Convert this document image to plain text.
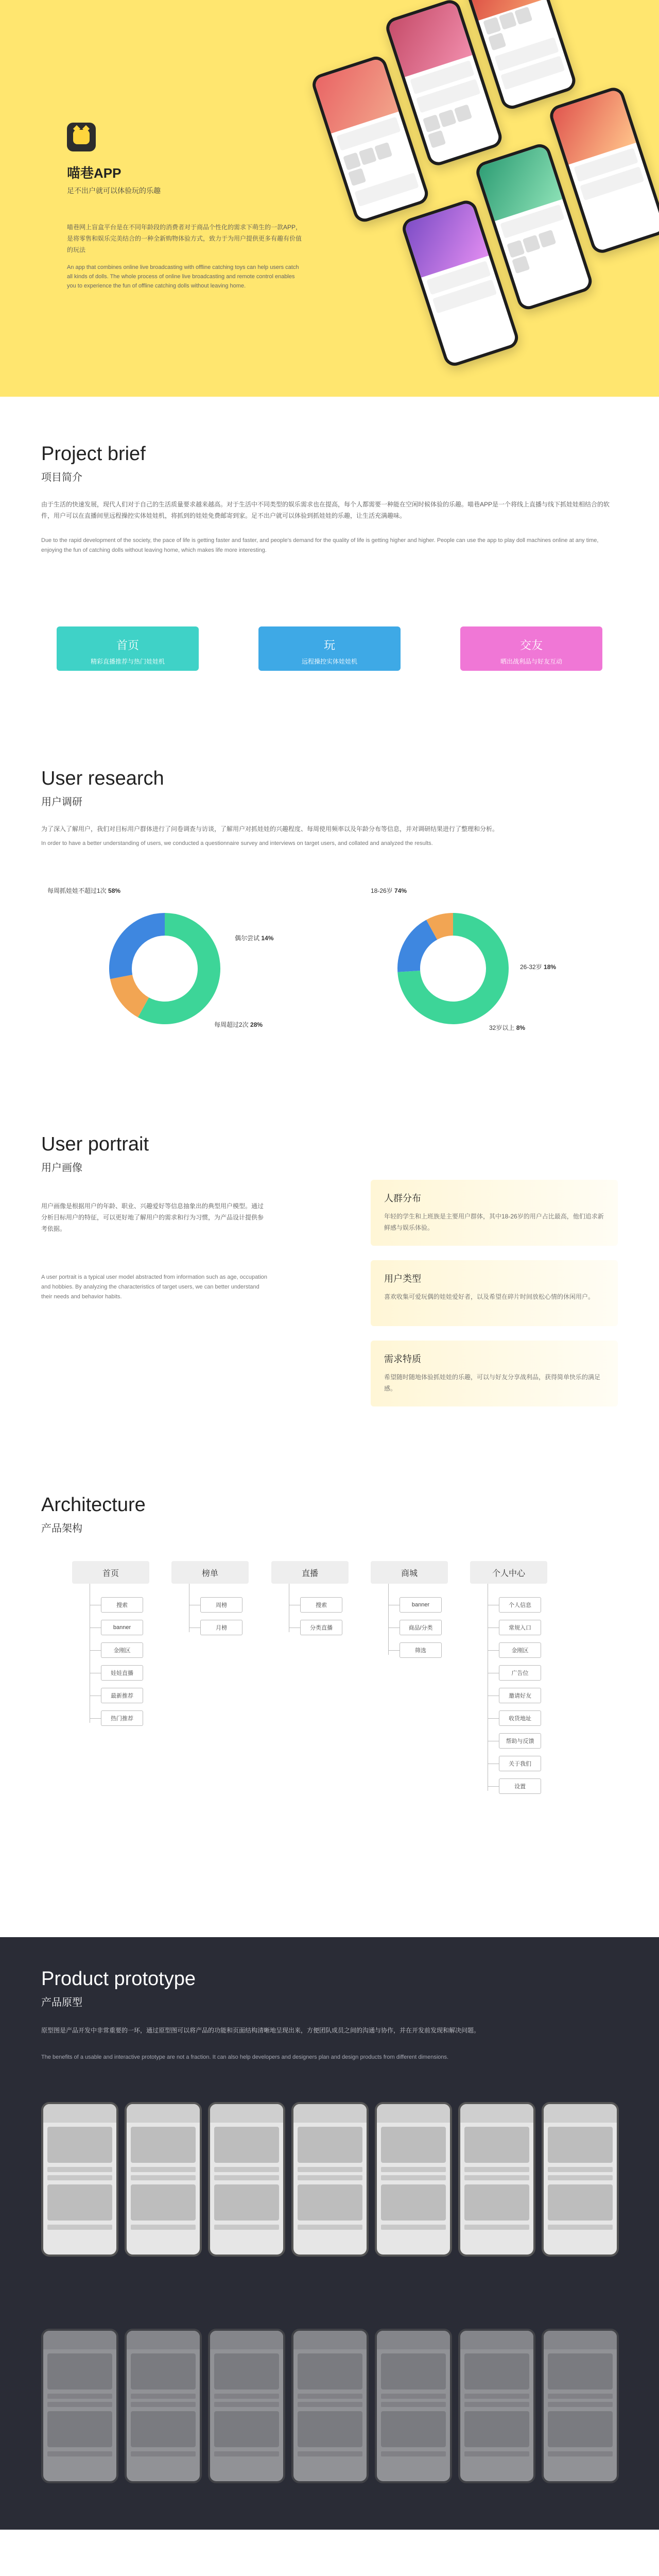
喵巷APP
足不出户就可以体验玩的乐趣
喵巷网上盲盒平台是在不同年龄段的消费者对于商品个性化的需求下萌生的一款APP，是将零售和娱乐完美结合的一种全新购物体验方式，致力于为用户提供更多有趣有价值的玩法
An app that combines online live broadcasting with offline catching toys can help users catch all kinds of dolls. The whole process of online live broadcasting and remote control enables you to experience the fun of offline catching dolls without leaving home.
Project brief
项目简介
由于生活的快速发展，现代人们对于自己的生活质量要求越来越高。对于生活中不同类型的娱乐需求也在提高，每个人都需要一种能在空闲时候体验的乐趣。喵巷APP是一个将线上直播与线下抓娃娃相结合的软件，用户可以在直播间里远程操控实体娃娃机，将抓到的娃娃免费邮寄到家。足不出户就可以体验到抓娃娃的乐趣，让生活充满趣味。
Due to the rapid development of the society, the pace of life is getting faster and faster, and people's demand for the quality of life is getting higher and higher. People can use the app to play doll machines online at any time, enjoying the fun of catching dolls without leaving home, which makes life more interesting.
首页
精彩直播推荐与热门娃娃机
玩
远程操控实体娃娃机
交友
晒出战利品与好友互动
User research
用户调研
为了深入了解用户，我们对目标用户群体进行了问卷调查与访谈，了解用户对抓娃娃的兴趣程度、每周使用频率以及年龄分布等信息，并对调研结果进行了整理和分析。
In order to have a better understanding of users, we conducted a questionnaire survey and interviews on target users, and collated and analyzed the results.
每周抓娃娃不超过1次 58%
偶尔尝试 14%
每周超过2次 28%
18-26岁 74%
26-32岁 18%
32岁以上 8%
User portrait
用户画像
用户画像是根据用户的年龄、职业、兴趣爱好等信息抽象出的典型用户模型。通过分析目标用户的特征，可以更好地了解用户的需求和行为习惯，为产品设计提供参考依据。
A user portrait is a typical user model abstracted from information such as age, occupation and hobbies. By analyzing the characteristics of target users, we can better understand their needs and behavior habits.
人群分布
年轻的学生和上班族是主要用户群体，其中18-26岁的用户占比最高，他们追求新鲜感与娱乐体验。
用户类型
喜欢收集可爱玩偶的娃娃爱好者，以及希望在碎片时间放松心情的休闲用户。
需求特质
希望随时随地体验抓娃娃的乐趣，可以与好友分享战利品，获得简单快乐的满足感。
Architecture
产品架构
首页
搜索
banner
金刚区
娃娃直播
最新推荐
热门推荐
榜单
周榜
月榜
直播
搜索
分类直播
商城
banner
商品/分类
筛选
个人中心
个人信息
常规入口
金刚区
广告位
邀请好友
收货地址
帮助与反馈
关于我们
设置
Product prototype
产品原型
原型图是产品开发中非常重要的一环，通过原型图可以将产品的功能和页面结构清晰地呈现出来，方便团队成员之间的沟通与协作，并在开发前发现和解决问题。
The benefits of a usable and interactive prototype are not a fraction. It can also help developers and designers plan and design products from different dimensions.
